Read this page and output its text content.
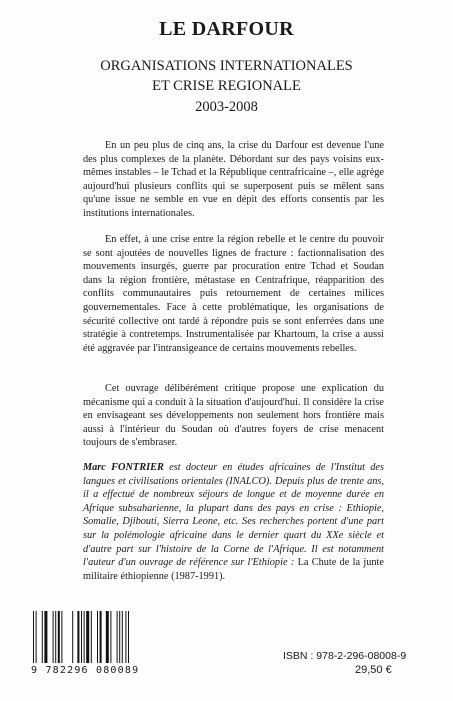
LE DARFOUR
ORGANISATIONS INTERNATIONALES
ET CRISE REGIONALE
2003-2008

En un peu plus de cinq ans, la crise du Darfour est devenue l'une des plus complexes de la planète. Débordant sur des pays voisins eux-mêmes instables – le Tchad et la République centrafricaine –, elle agrège aujourd'hui plusieurs conflits qui se superposent puis se mêlent sans qu'une issue ne semble en vue en dépit des efforts consentis par les institutions internationales.

En effet, à une crise entre la région rebelle et le centre du pouvoir se sont ajoutées de nouvelles lignes de fracture : factionnalisation des mouvements insurgés, guerre par procuration entre Tchad et Soudan dans la région frontière, métastase en Centrafrique, réapparition des conflits communautaires puis retournement de certaines milices gouvernementales. Face à cette problématique, les organisations de sécurité collective ont tardé à répondre puis se sont enferrées dans une stratégie à contretemps. Instrumentalisée par Khartoum, la crise a aussi été aggravée par l'intransigeance de certains mouvements rebelles.

Cet ouvrage délibérément critique propose une explication du mécanisme qui a conduit à la situation d'aujourd'hui. Il considère la crise en envisageant ses développements non seulement hors frontière mais aussi à l'intérieur du Soudan où d'autres foyers de crise menacent toujours de s'embraser.

Marc FONTRIER est docteur en études africaines de l'Institut des langues et civilisations orientales (INALCO). Depuis plus de trente ans, il a effectué de nombreux séjours de longue et de moyenne durée en Afrique subsaharienne, la plupart dans des pays en crise : Ethiopie, Somalie, Djibouti, Sierra Leone, etc. Ses recherches portent d'une part sur la polémologie africaine dans le dernier quart du XXe siècle et d'autre part sur l'histoire de la Corne de l'Afrique. Il est notamment l'auteur d'un ouvrage de référence sur l'Ethiopie : La Chute de la junte militaire éthiopienne (1987-1991).

9 782296 080089
ISBN : 978-2-296-08008-9
29,50 €
